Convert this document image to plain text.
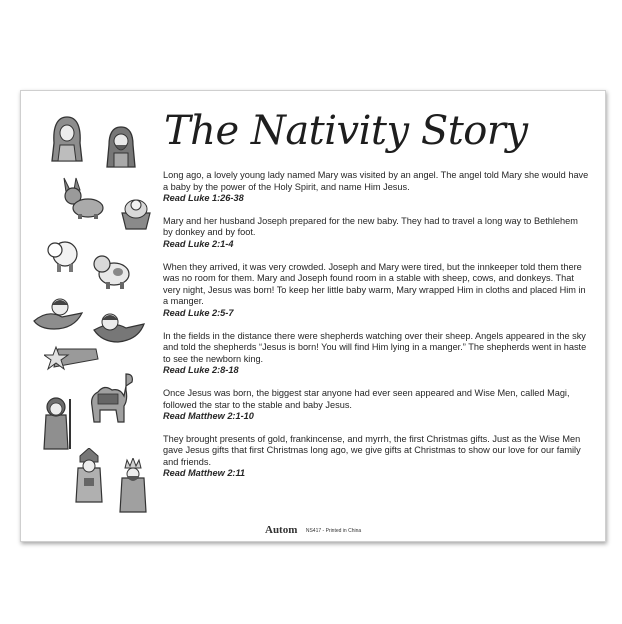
The Nativity Story
Long ago, a lovely young lady named Mary was visited by an angel. The angel told Mary she would have a baby by the power of the Holy Spirit, and name Him Jesus.
Read Luke 1:26-38
Mary and her husband Joseph prepared for the new baby. They had to travel a long way to Bethlehem by donkey and by foot.
Read Luke 2:1-4
When they arrived, it was very crowded. Joseph and Mary were tired, but the innkeeper told them there was no room for them. Mary and Joseph found room in a stable with sheep, cows, and donkeys. That very night, Jesus was born! To keep her little baby warm, Mary wrapped Him in cloths and placed Him in a manger.
Read Luke 2:5-7
In the fields in the distance there were shepherds watching over their sheep. Angels appeared in the sky and told the shepherds “Jesus is born! You will find Him lying in a manger.” The shepherds went in haste to see the newborn king.
Read Luke 2:8-18
Once Jesus was born, the biggest star anyone had ever seen appeared and Wise Men, called Magi, followed the star to the stable and baby Jesus.
Read Matthew 2:1-10
They brought presents of gold, frankincense, and myrrh, the first Christmas gifts. Just as the Wise Men gave Jesus gifts that first Christmas long ago, we give gifts at Christmas to show our love for our family and friends.
Read Matthew 2:11
Autom NS417 - Printed in China
